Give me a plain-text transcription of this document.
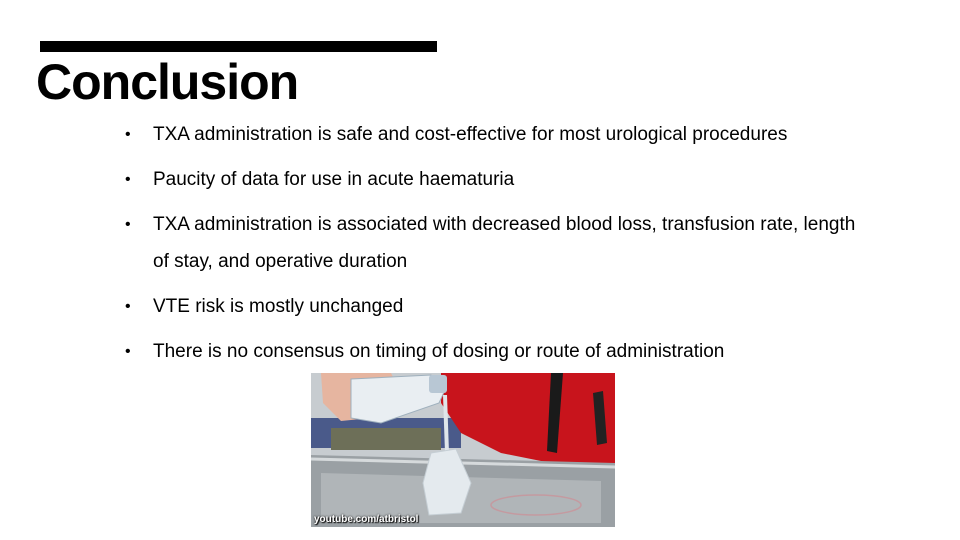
Conclusion
• TXA administration is safe and cost-effective for most urological procedures
• Paucity of data for use in acute haematuria
• TXA administration is associated with decreased blood loss, transfusion rate, length of stay, and operative duration
• VTE risk is mostly unchanged
• There is no consensus on timing of dosing or route of administration
youtube.com/atbristol
